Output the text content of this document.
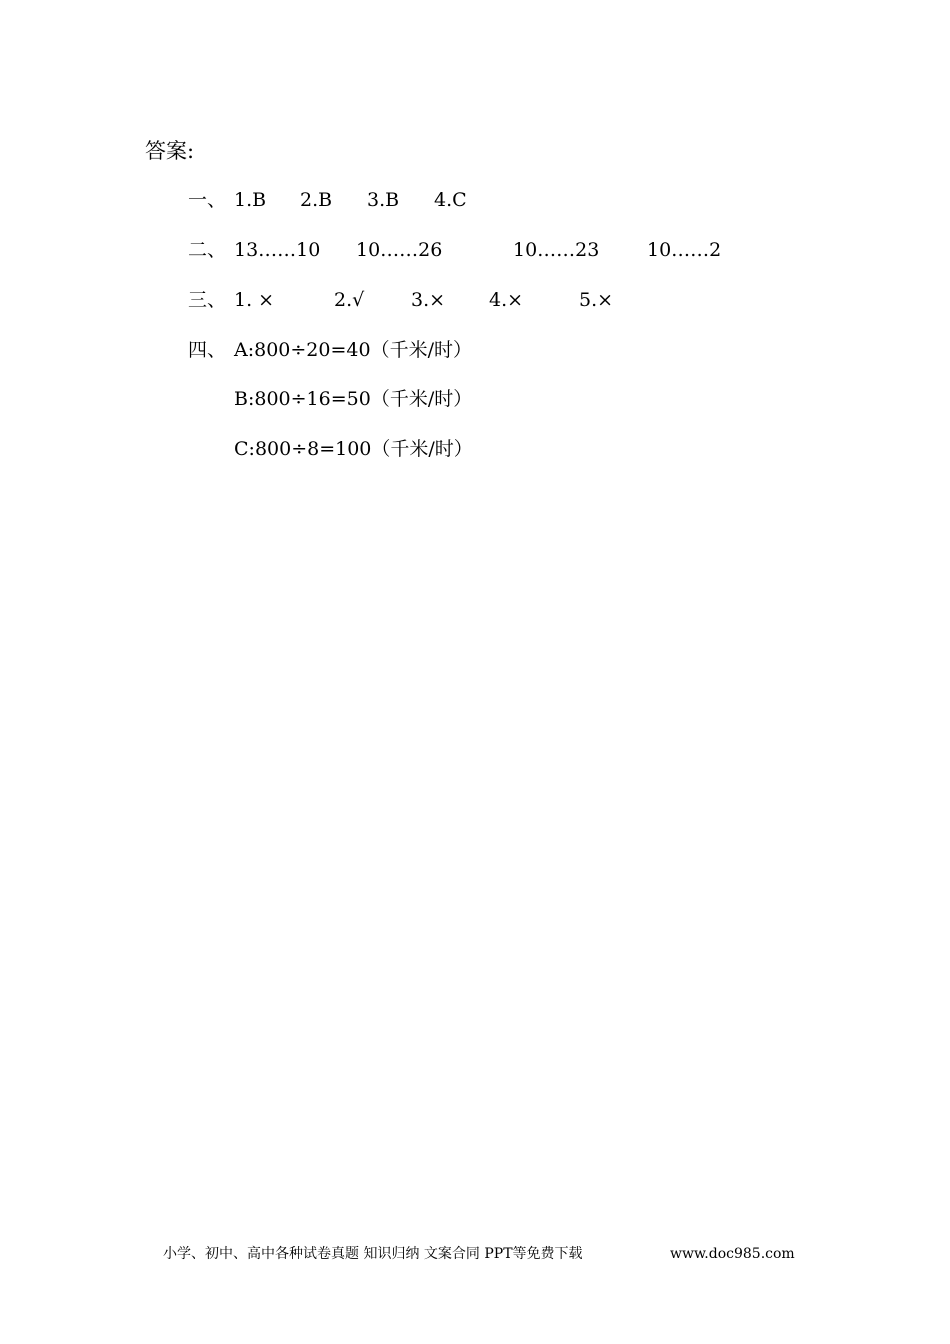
答案:
一、 1.B 2.B 3.B 4.C
二、 13……10 10……26	10……23	10……2
三、 1. ×	2.√ 3.× 4.×	5.×
四、 A:800÷20=40（千米/时）
B:800÷16=50（千米/时）
C:800÷8=100（千米/时）
小学、初中、高中各种试卷真题 知识归纳 文案合同 PPT等免费下载	www.doc985.com
